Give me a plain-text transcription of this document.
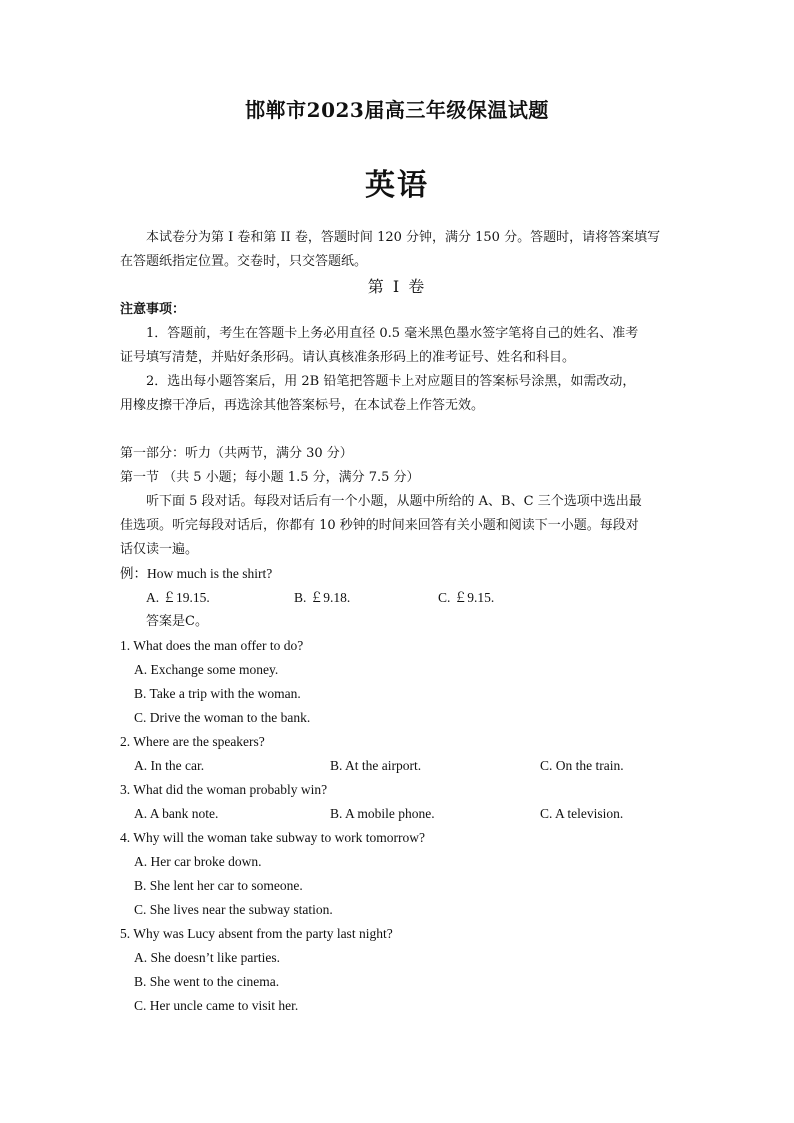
邯郸市2023届高三年级保温试题
英语
本试卷分为第 I 卷和第 II 卷，答题时间 120 分钟，满分 150 分。答题时，请将答案填写
在答题纸指定位置。交卷时，只交答题纸。
第 I 卷
注意事项：
1．答题前，考生在答题卡上务必用直径 0.5 毫米黑色墨水签字笔将自己的姓名、准考
证号填写清楚，并贴好条形码。请认真核准条形码上的准考证号、姓名和科目。
2．选出每小题答案后，用 2B 铅笔把答题卡上对应题目的答案标号涂黑，如需改动，
用橡皮擦干净后，再选涂其他答案标号，在本试卷上作答无效。
第一部分：听力（共两节，满分 30 分）
第一节 （共 5 小题；每小题 1.5 分，满分 7.5 分）
听下面 5 段对话。每段对话后有一个小题，从题中所给的 A、B、C 三个选项中选出最
佳选项。听完每段对话后，你都有 10 秒钟的时间来回答有关小题和阅读下一小题。每段对
话仅读一遍。
例：How much is the shirt?
A. ￡19.15.	B. ￡9.18.	C. ￡9.15.
答案是C。
1. What does the man offer to do?
A. Exchange some money.
B. Take a trip with the woman.
C. Drive the woman to the bank.
2. Where are the speakers?
A. In the car.	B. At the airport.	C. On the train.
3. What did the woman probably win?
A. A bank note.	B. A mobile phone.	C. A television.
4. Why will the woman take subway to work tomorrow?
A. Her car broke down.
B. She lent her car to someone.
C. She lives near the subway station.
5. Why was Lucy absent from the party last night?
A. She doesn’t like parties.
B. She went to the cinema.
C. Her uncle came to visit her.
